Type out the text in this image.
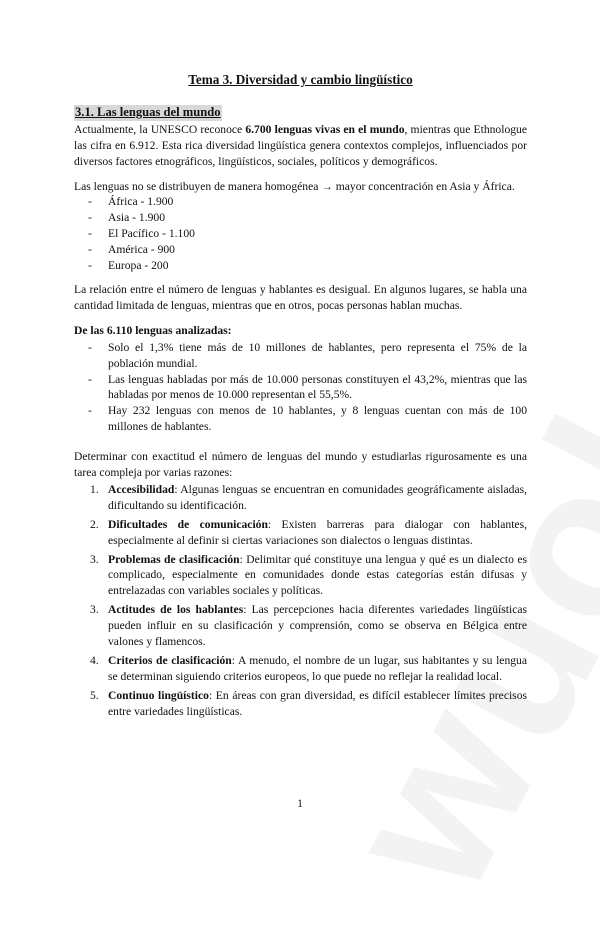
Tema 3. Diversidad y cambio lingüístico
3.1. Las lenguas del mundo

Actualmente, la UNESCO reconoce 6.700 lenguas vivas en el mundo, mientras que Ethnologue las cifra en 6.912. Esta rica diversidad lingüística genera contextos complejos, influenciados por diversos factores etnográficos, lingüísticos, sociales, políticos y demográficos.

Las lenguas no se distribuyen de manera homogénea → mayor concentración en Asia y África.

- África - 1.900
- Asia - 1.900
- El Pacífico - 1.100
- América - 900
- Europa - 200

La relación entre el número de lenguas y hablantes es desigual. En algunos lugares, se habla una cantidad limitada de lenguas, mientras que en otros, pocas personas hablan muchas.

De las 6.110 lenguas analizadas:
- Solo el 1,3% tiene más de 10 millones de hablantes, pero representa el 75% de la población mundial.
- Las lenguas habladas por más de 10.000 personas constituyen el 43,2%, mientras que las habladas por menos de 10.000 representan el 55,5%.
- Hay 232 lenguas con menos de 10 hablantes, y 8 lenguas cuentan con más de 100 millones de hablantes.

Determinar con exactitud el número de lenguas del mundo y estudiarlas rigurosamente es una tarea compleja por varias razones:

1. Accesibilidad: Algunas lenguas se encuentran en comunidades geográficamente aisladas, dificultando su identificación.
2. Dificultades de comunicación: Existen barreras para dialogar con hablantes, especialmente al definir si ciertas variaciones son dialectos o lenguas distintas.
3. Problemas de clasificación: Delimitar qué constituye una lengua y qué es un dialecto es complicado, especialmente en comunidades donde estas categorías están difusas y entrelazadas con variables sociales y políticas.
3. Actitudes de los hablantes: Las percepciones hacia diferentes variedades lingüísticas pueden influir en su clasificación y comprensión, como se observa en Bélgica entre valones y flamencos.
4. Criterios de clasificación: A menudo, el nombre de un lugar, sus habitantes y su lengua se determinan siguiendo criterios europeos, lo que puede no reflejar la realidad local.
5. Continuo lingüístico: En áreas con gran diversidad, es difícil establecer límites precisos entre variedades lingüísticas.
1
